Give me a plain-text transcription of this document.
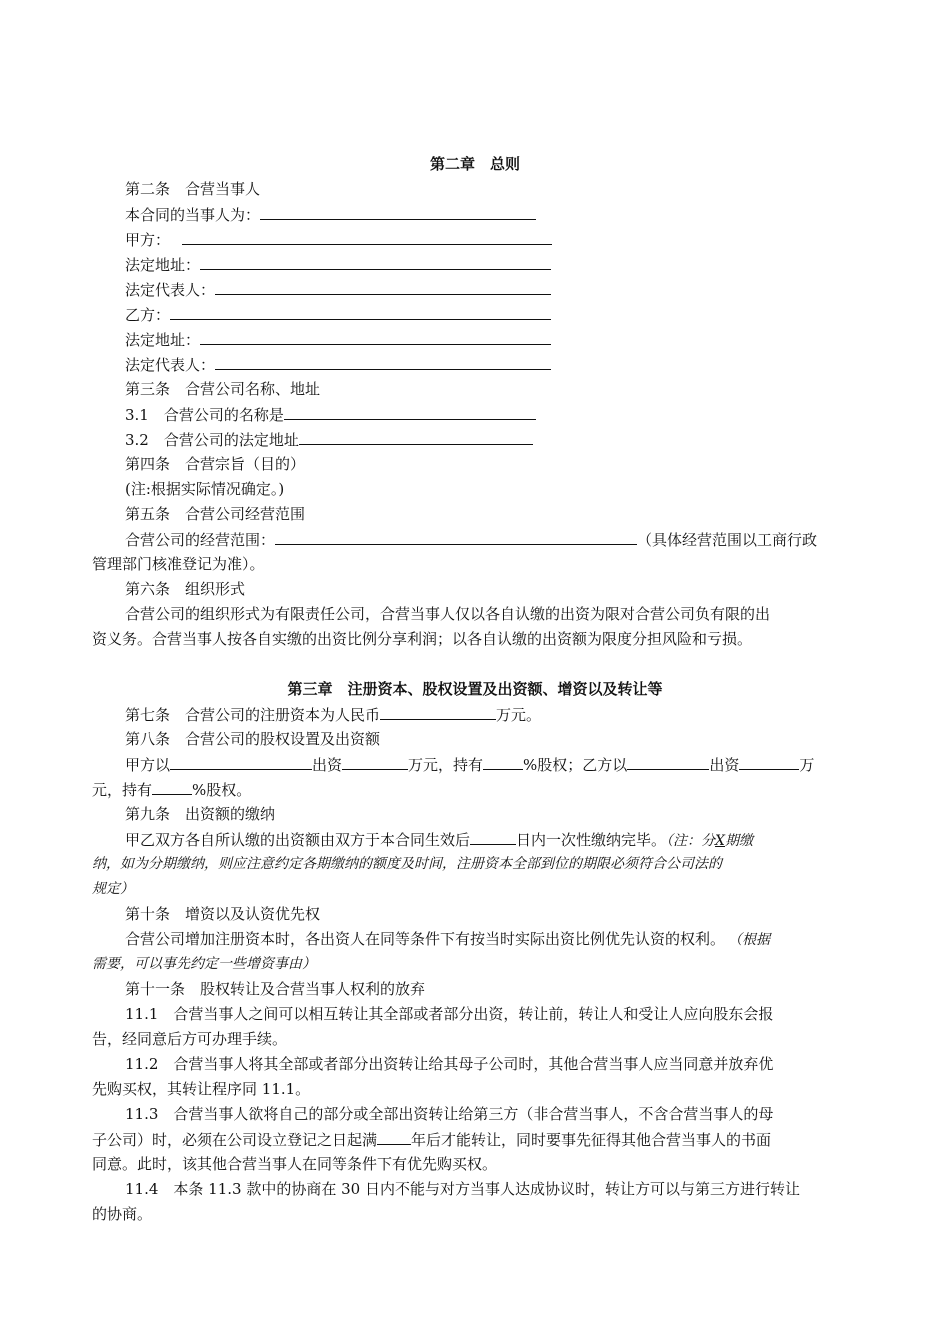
第二章　总则
第二条　合营当事人
本合同的当事人为：
甲方：
法定地址：
法定代表人：
乙方：
法定地址：
法定代表人：
第三条　合营公司名称、地址
3.1　合营公司的名称是
3.2　合营公司的法定地址
第四条　合营宗旨（目的）
(注:根据实际情况确定。)
第五条　合营公司经营范围
合营公司的经营范围：	（具体经营范围以工商行政
管理部门核准登记为准）。
第六条　组织形式
合营公司的组织形式为有限责任公司，合营当事人仅以各自认缴的出资为限对合营公司负有限的出
资义务。合营当事人按各自实缴的出资比例分享利润；以各自认缴的出资额为限度分担风险和亏损。
第三章　注册资本、股权设置及出资额、增资以及转让等
第七条　合营公司的注册资本为人民币	万元。
第八条　合营公司的股权设置及出资额
甲方以	出资	万元，持有	%股权；乙方以	出资	万
元，持有	%股权。
第九条　出资额的缴纳
甲乙双方各自所认缴的出资额由双方于本合同生效后	日内一次性缴纳完毕。（注：分X期缴
纳，如为分期缴纳，则应注意约定各期缴纳的额度及时间，注册资本全部到位的期限必须符合公司法的
规定）
第十条　增资以及认资优先权
合营公司增加注册资本时，各出资人在同等条件下有按当时实际出资比例优先认资的权利。 （根据
需要，可以事先约定一些增资事由）
第十一条　股权转让及合营当事人权利的放弃
11.1　合营当事人之间可以相互转让其全部或者部分出资，转让前，转让人和受让人应向股东会报
告，经同意后方可办理手续。
11.2　合营当事人将其全部或者部分出资转让给其母子公司时，其他合营当事人应当同意并放弃优
先购买权，其转让程序同 11.1。
11.3　合营当事人欲将自己的部分或全部出资转让给第三方（非合营当事人，不含合营当事人的母
子公司）时，必须在公司设立登记之日起满 年后才能转让，同时要事先征得其他合营当事人的书面
同意。此时，该其他合营当事人在同等条件下有优先购买权。
11.4　本条 11.3 款中的协商在 30 日内不能与对方当事人达成协议时，转让方可以与第三方进行转让
的协商。
